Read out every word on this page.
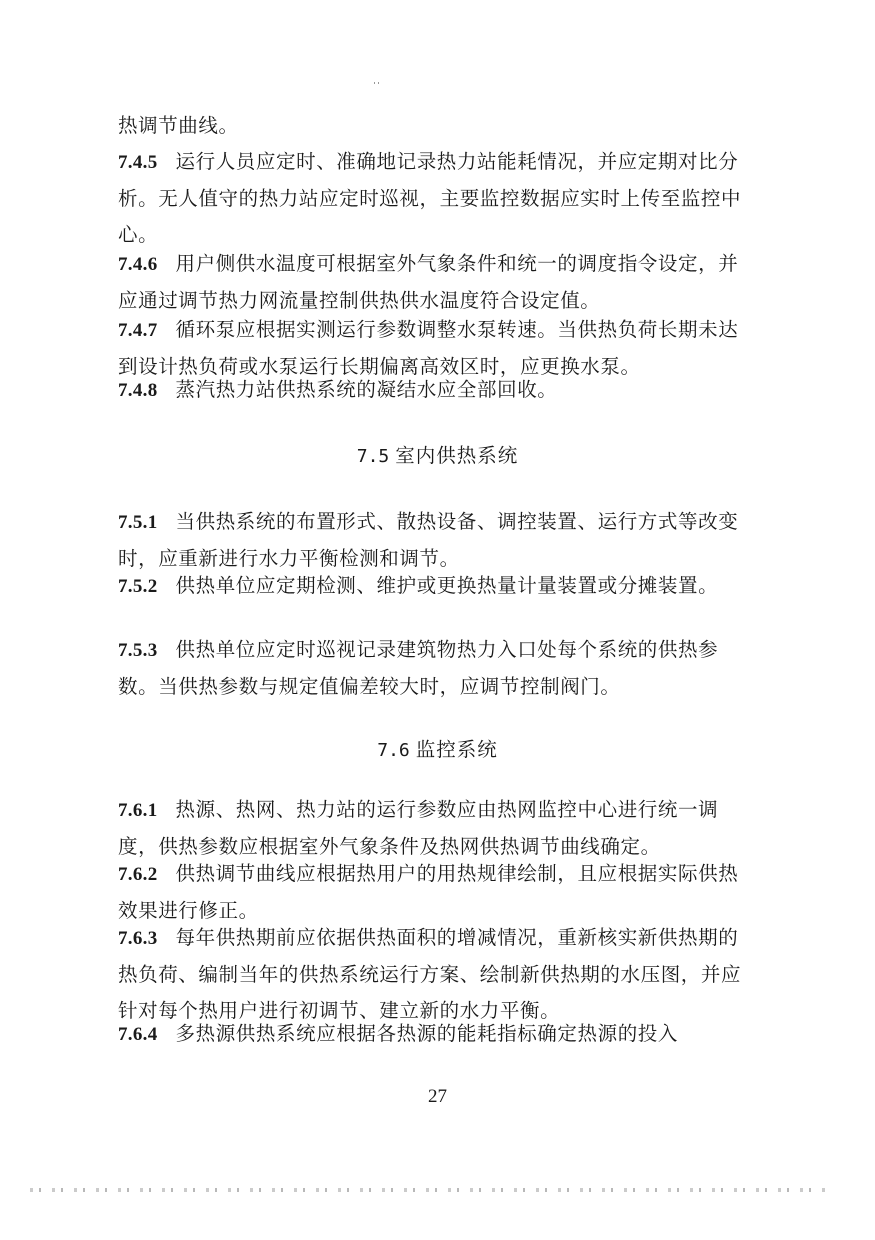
热调节曲线。

7.4.5 运行人员应定时、准确地记录热力站能耗情况，并应定期对比分析。无人值守的热力站应定时巡视，主要监控数据应实时上传至监控中心。

7.4.6 用户侧供水温度可根据室外气象条件和统一的调度指令设定，并应通过调节热力网流量控制供热供水温度符合设定值。

7.4.7 循环泵应根据实测运行参数调整水泵转速。当供热负荷长期未达到设计热负荷或水泵运行长期偏离高效区时，应更换水泵。

7.4.8 蒸汽热力站供热系统的凝结水应全部回收。

7.5 室内供热系统

7.5.1 当供热系统的布置形式、散热设备、调控装置、运行方式等改变时，应重新进行水力平衡检测和调节。

7.5.2 供热单位应定期检测、维护或更换热量计量装置或分摊装置。

7.5.3 供热单位应定时巡视记录建筑物热力入口处每个系统的供热参数。当供热参数与规定值偏差较大时，应调节控制阀门。

7.6 监控系统

7.6.1 热源、热网、热力站的运行参数应由热网监控中心进行统一调度，供热参数应根据室外气象条件及热网供热调节曲线确定。

7.6.2 供热调节曲线应根据热用户的用热规律绘制，且应根据实际供热效果进行修正。

7.6.3 每年供热期前应依据供热面积的增减情况，重新核实新供热期的热负荷、编制当年的供热系统运行方案、绘制新供热期的水压图，并应针对每个热用户进行初调节、建立新的水力平衡。

7.6.4 多热源供热系统应根据各热源的能耗指标确定热源的投入

27
